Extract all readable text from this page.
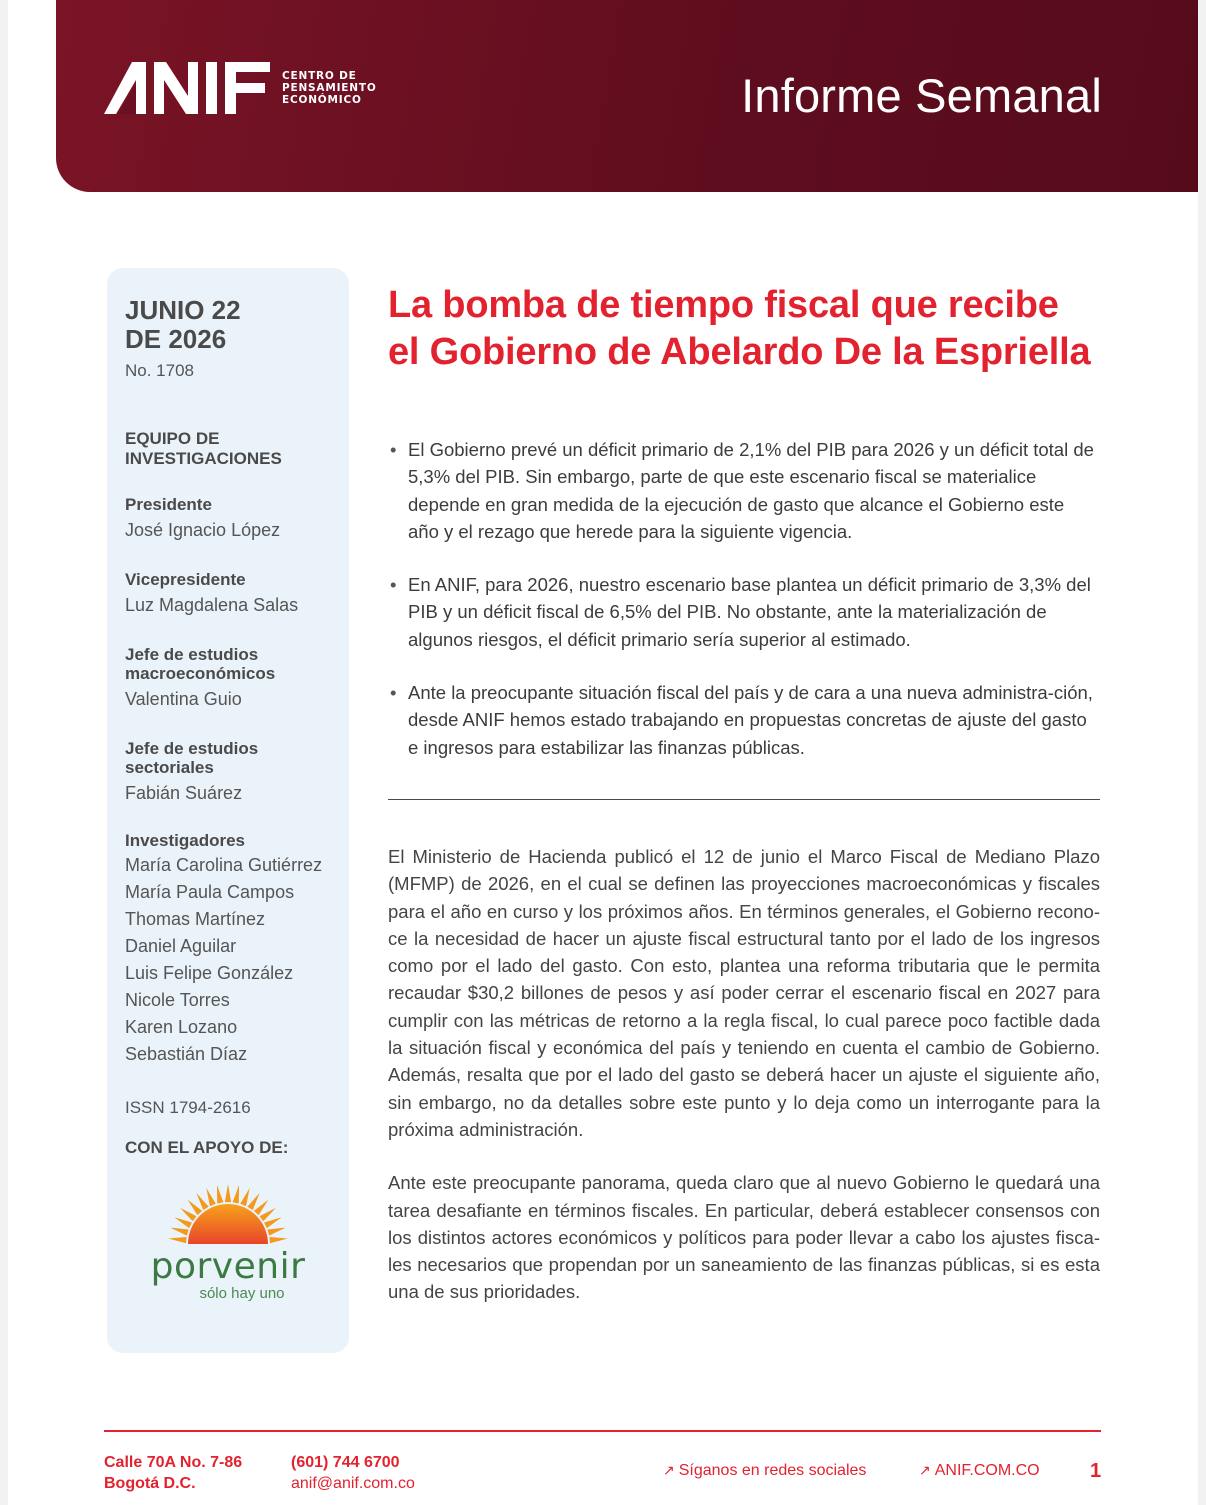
CENTRO DE
PENSAMIENTO
ECONÓMICO	Informe Semanal
JUNIO 22
DE 2026
No. 1708
EQUIPO DE
INVESTIGACIONES
Presidente
José Ignacio López
Vicepresidente
Luz Magdalena Salas
Jefe de estudios
macroeconómicos
Valentina Guio
Jefe de estudios
sectoriales
Fabián Suárez
Investigadores
María Carolina Gutiérrez
María Paula Campos
Thomas Martínez
Daniel Aguilar
Luis Felipe González
Nicole Torres
Karen Lozano
Sebastián Díaz
ISSN 1794-2616
CON EL APOYO DE:
porvenir
sólo hay uno
La bomba de tiempo fiscal que recibe
el Gobierno de Abelardo De la Espriella
• El Gobierno prevé un déficit primario de 2,1% del PIB para 2026 y un déficit total de 5,3% del PIB. Sin embargo, parte de que este escenario fiscal se materialice depende en gran medida de la ejecución de gasto que alcance el Gobierno este año y el rezago que herede para la siguiente vigencia.
• En ANIF, para 2026, nuestro escenario base plantea un déficit primario de 3,3% del PIB y un déficit fiscal de 6,5% del PIB. No obstante, ante la materialización de algunos riesgos, el déficit primario sería superior al estimado.
• Ante la preocupante situación fiscal del país y de cara a una nueva administra-ción, desde ANIF hemos estado trabajando en propuestas concretas de ajuste del gasto e ingresos para estabilizar las finanzas públicas.

El Ministerio de Hacienda publicó el 12 de junio el Marco Fiscal de Mediano Plazo (MFMP) de 2026, en el cual se definen las proyecciones macroeconómicas y fiscales para el año en curso y los próximos años. En términos generales, el Gobierno recono-ce la necesidad de hacer un ajuste fiscal estructural tanto por el lado de los ingresos como por el lado del gasto. Con esto, plantea una reforma tributaria que le permita recaudar $30,2 billones de pesos y así poder cerrar el escenario fiscal en 2027 para cumplir con las métricas de retorno a la regla fiscal, lo cual parece poco factible dada la situación fiscal y económica del país y teniendo en cuenta el cambio de Gobierno. Además, resalta que por el lado del gasto se deberá hacer un ajuste el siguiente año, sin embargo, no da detalles sobre este punto y lo deja como un interrogante para la próxima administración.

Ante este preocupante panorama, queda claro que al nuevo Gobierno le quedará una tarea desafiante en términos fiscales. En particular, deberá establecer consensos con los distintos actores económicos y políticos para poder llevar a cabo los ajustes fisca-les necesarios que propendan por un saneamiento de las finanzas públicas, si es esta una de sus prioridades.

Calle 70A No. 7-86
Bogotá D.C.
(601) 744 6700
anif@anif.com.co
↗ Síganos en redes sociales	↗ ANIF.COM.CO	1
